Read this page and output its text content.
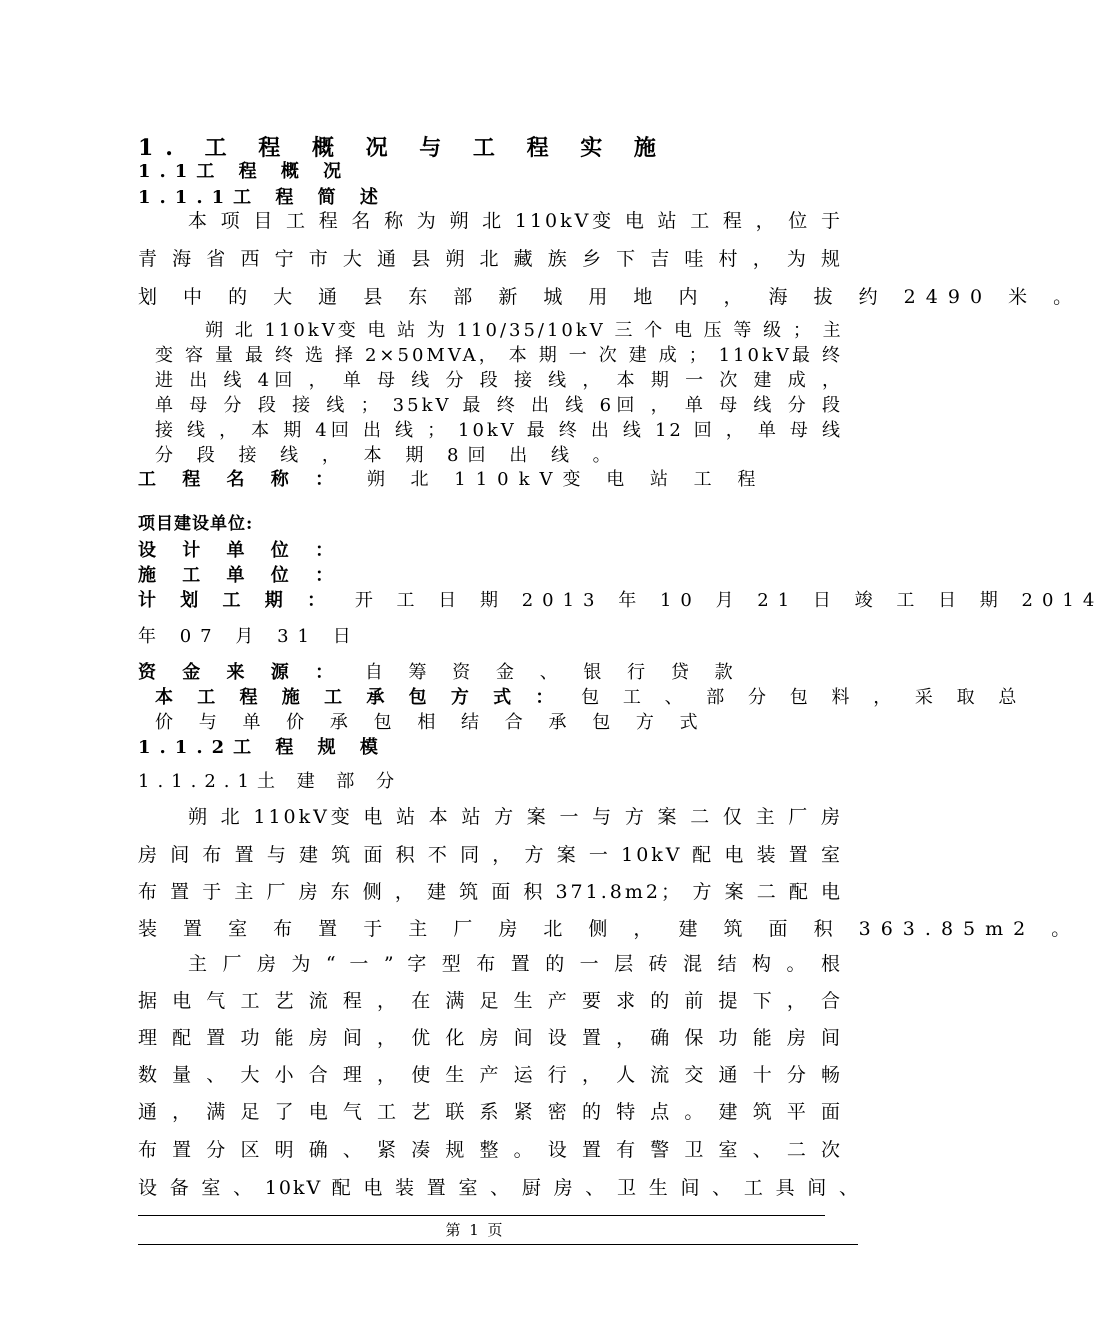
1. 工 程 概 况 与 工 程 实 施
1.1工 程 概 况
1.1.1工 程 简 述
本 项 目 工 程 名 称 为 朔 北 110kV变 电 站 工 程 ， 位 于
青 海 省 西 宁 市 大 通 县 朔 北 藏 族 乡 下 吉 哇 村 ， 为 规
划 中 的 大 通 县 东 部 新 城 用 地 内 ， 海 拔 约 2490 米 。
朔 北 110kV变 电 站 为 110/35/10kV 三 个 电 压 等 级 ； 主
变 容 量 最 终 选 择 2×50MVA， 本 期 一 次 建 成 ； 110kV最 终
进 出 线 4回 ， 单 母 线 分 段 接 线 ， 本 期 一 次 建 成 ，
单 母 分 段 接 线 ； 35kV 最 终 出 线 6回 ， 单 母 线 分 段
接 线 ， 本 期 4回 出 线 ； 10kV 最 终 出 线 12 回 ， 单 母 线
分 段 接 线 ， 本 期 8回 出 线 。
工 程 名 称 ： 朔 北 110kV变 电 站 工 程
项目建设单位:
设 计 单 位 ：
施 工 单 位 ：
计 划 工 期 ： 开 工 日 期 2013 年 10 月 21 日 竣 工 日 期 2014
年 07 月 31 日
资 金 来 源 ： 自 筹 资 金 、 银 行 贷 款
本 工 程 施 工 承 包 方 式 ： 包 工 、 部 分 包 料 ， 采 取 总
价 与 单 价 承 包 相 结 合 承 包 方 式
1.1.2工 程 规 模
1.1.2.1土 建 部 分
朔 北 110kV变 电 站 本 站 方 案 一 与 方 案 二 仅 主 厂 房
房 间 布 置 与 建 筑 面 积 不 同 ， 方 案 一 10kV 配 电 装 置 室
布 置 于 主 厂 房 东 侧 ， 建 筑 面 积 371.8m2； 方 案 二 配 电
装 置 室 布 置 于 主 厂 房 北 侧 ， 建 筑 面 积 363.85m2 。
主 厂 房 为 “ 一 ” 字 型 布 置 的 一 层 砖 混 结 构 。 根
据 电 气 工 艺 流 程 ， 在 满 足 生 产 要 求 的 前 提 下 ， 合
理 配 置 功 能 房 间 ， 优 化 房 间 设 置 ， 确 保 功 能 房 间
数 量 、 大 小 合 理 ， 使 生 产 运 行 ， 人 流 交 通 十 分 畅
通 ， 满 足 了 电 气 工 艺 联 系 紧 密 的 特 点 。 建 筑 平 面
布 置 分 区 明 确 、 紧 凑 规 整 。 设 置 有 警 卫 室 、 二 次
设 备 室 、 10kV 配 电 装 置 室 、 厨 房 、 卫 生 间 、 工 具 间 、
第 1 页
